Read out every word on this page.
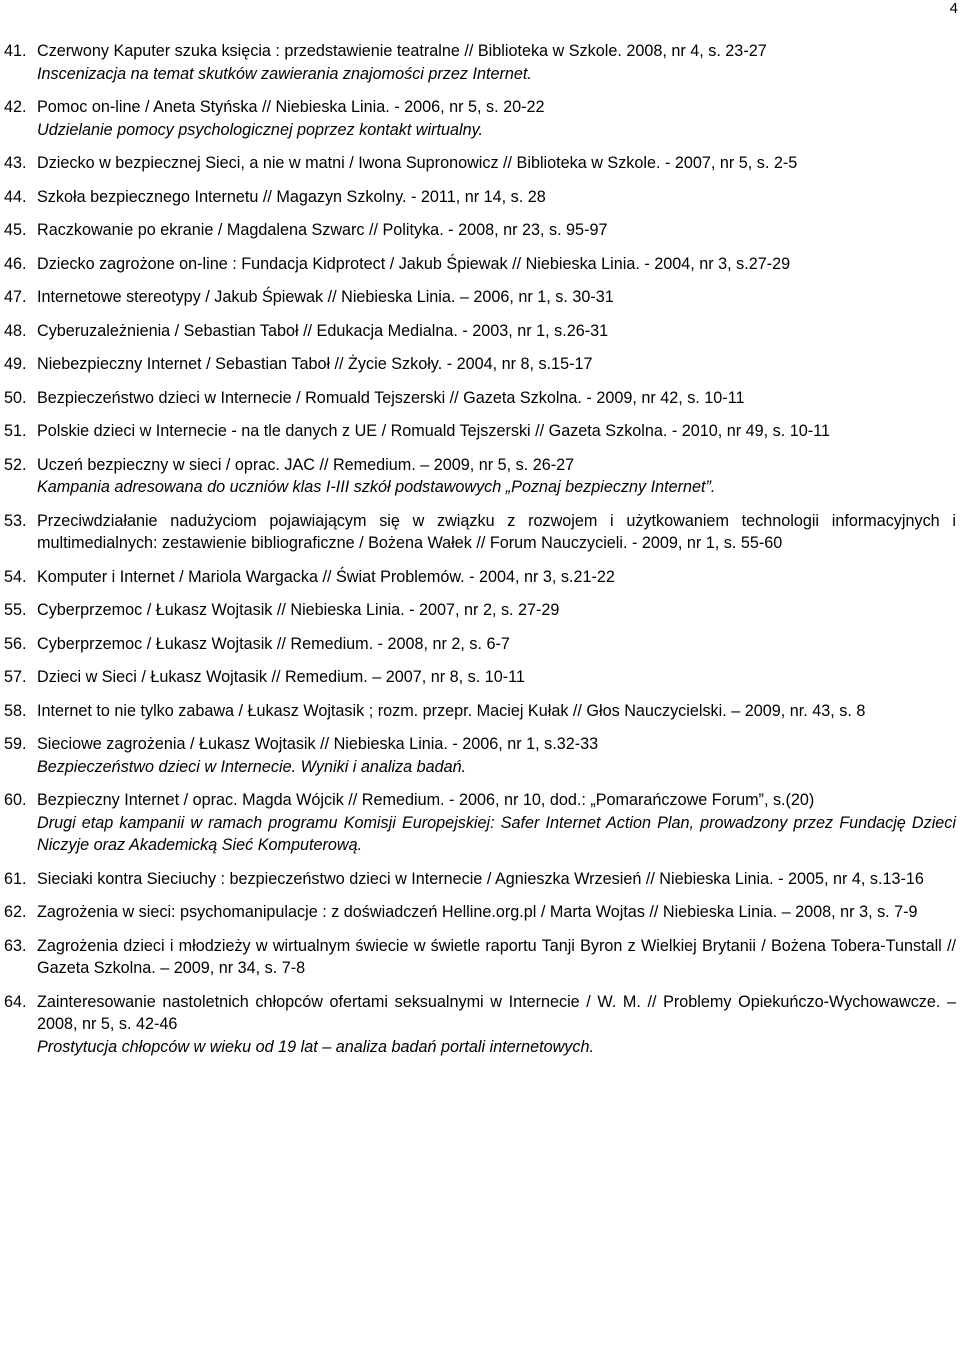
4
41. Czerwony Kaputer szuka księcia : przedstawienie teatralne // Biblioteka w Szkole. 2008, nr 4, s. 23-27
Inscenizacja na temat skutków zawierania znajomości przez Internet.
42. Pomoc on-line / Aneta Styńska // Niebieska Linia. - 2006, nr 5, s. 20-22
Udzielanie pomocy psychologicznej poprzez kontakt wirtualny.
43. Dziecko w bezpiecznej Sieci, a nie w matni / Iwona Supronowicz // Biblioteka w Szkole. - 2007, nr 5, s. 2-5
44. Szkoła bezpiecznego Internetu // Magazyn Szkolny. - 2011, nr 14, s. 28
45. Raczkowanie po ekranie / Magdalena Szwarc // Polityka. - 2008, nr 23, s. 95-97
46. Dziecko zagrożone on-line : Fundacja Kidprotect / Jakub Śpiewak // Niebieska Linia. - 2004, nr 3, s.27-29
47. Internetowe stereotypy / Jakub Śpiewak // Niebieska Linia. – 2006, nr 1, s. 30-31
48. Cyberuzależnienia / Sebastian Taboł // Edukacja Medialna. - 2003, nr 1, s.26-31
49. Niebezpieczny Internet / Sebastian Taboł // Życie Szkoły. - 2004, nr 8, s.15-17
50. Bezpieczeństwo dzieci w Internecie / Romuald Tejszerski // Gazeta Szkolna. - 2009, nr 42, s. 10-11
51. Polskie dzieci w Internecie - na tle danych z UE / Romuald Tejszerski // Gazeta Szkolna. - 2010, nr 49, s. 10-11
52. Uczeń bezpieczny w sieci / oprac. JAC // Remedium. – 2009, nr 5, s. 26-27
Kampania adresowana do uczniów klas I-III szkół podstawowych „Poznaj bezpieczny Internet”.
53. Przeciwdziałanie nadużyciom pojawiającym się w związku z rozwojem i użytkowaniem technologii informacyjnych i multimedialnych: zestawienie bibliograficzne / Bożena Wałek // Forum Nauczycieli. - 2009, nr 1, s. 55-60
54. Komputer i Internet / Mariola Wargacka // Świat Problemów. - 2004, nr 3, s.21-22
55. Cyberprzemoc / Łukasz Wojtasik // Niebieska Linia. - 2007, nr 2, s. 27-29
56. Cyberprzemoc / Łukasz Wojtasik // Remedium. - 2008, nr 2, s. 6-7
57. Dzieci w Sieci / Łukasz Wojtasik // Remedium. – 2007, nr 8, s. 10-11
58. Internet to nie tylko zabawa / Łukasz Wojtasik ; rozm. przepr. Maciej Kułak // Głos Nauczycielski. – 2009, nr. 43, s. 8
59. Sieciowe zagrożenia / Łukasz Wojtasik // Niebieska Linia. - 2006, nr 1, s.32-33
Bezpieczeństwo dzieci w Internecie. Wyniki i analiza badań.
60. Bezpieczny Internet / oprac. Magda Wójcik // Remedium. - 2006, nr 10, dod.: „Pomarańczowe Forum”, s.(20)
Drugi etap kampanii w ramach programu Komisji Europejskiej: Safer Internet Action Plan, prowadzony przez Fundację Dzieci Niczyje oraz Akademicką Sieć Komputerową.
61. Sieciaki kontra Sieciuchy : bezpieczeństwo dzieci w Internecie / Agnieszka Wrzesień // Niebieska Linia. - 2005, nr 4, s.13-16
62. Zagrożenia w sieci: psychomanipulacje : z doświadczeń Helline.org.pl / Marta Wojtas // Niebieska Linia. – 2008, nr 3, s. 7-9
63. Zagrożenia dzieci i młodzieży w wirtualnym świecie w świetle raportu Tanji Byron z Wielkiej Brytanii / Bożena Tobera-Tunstall // Gazeta Szkolna. – 2009, nr 34, s. 7-8
64. Zainteresowanie nastoletnich chłopców ofertami seksualnymi w Internecie / W. M. // Problemy Opiekuńczo-Wychowawcze. – 2008, nr 5, s. 42-46
Prostytucja chłopców w wieku od 19 lat – analiza badań portali internetowych.
